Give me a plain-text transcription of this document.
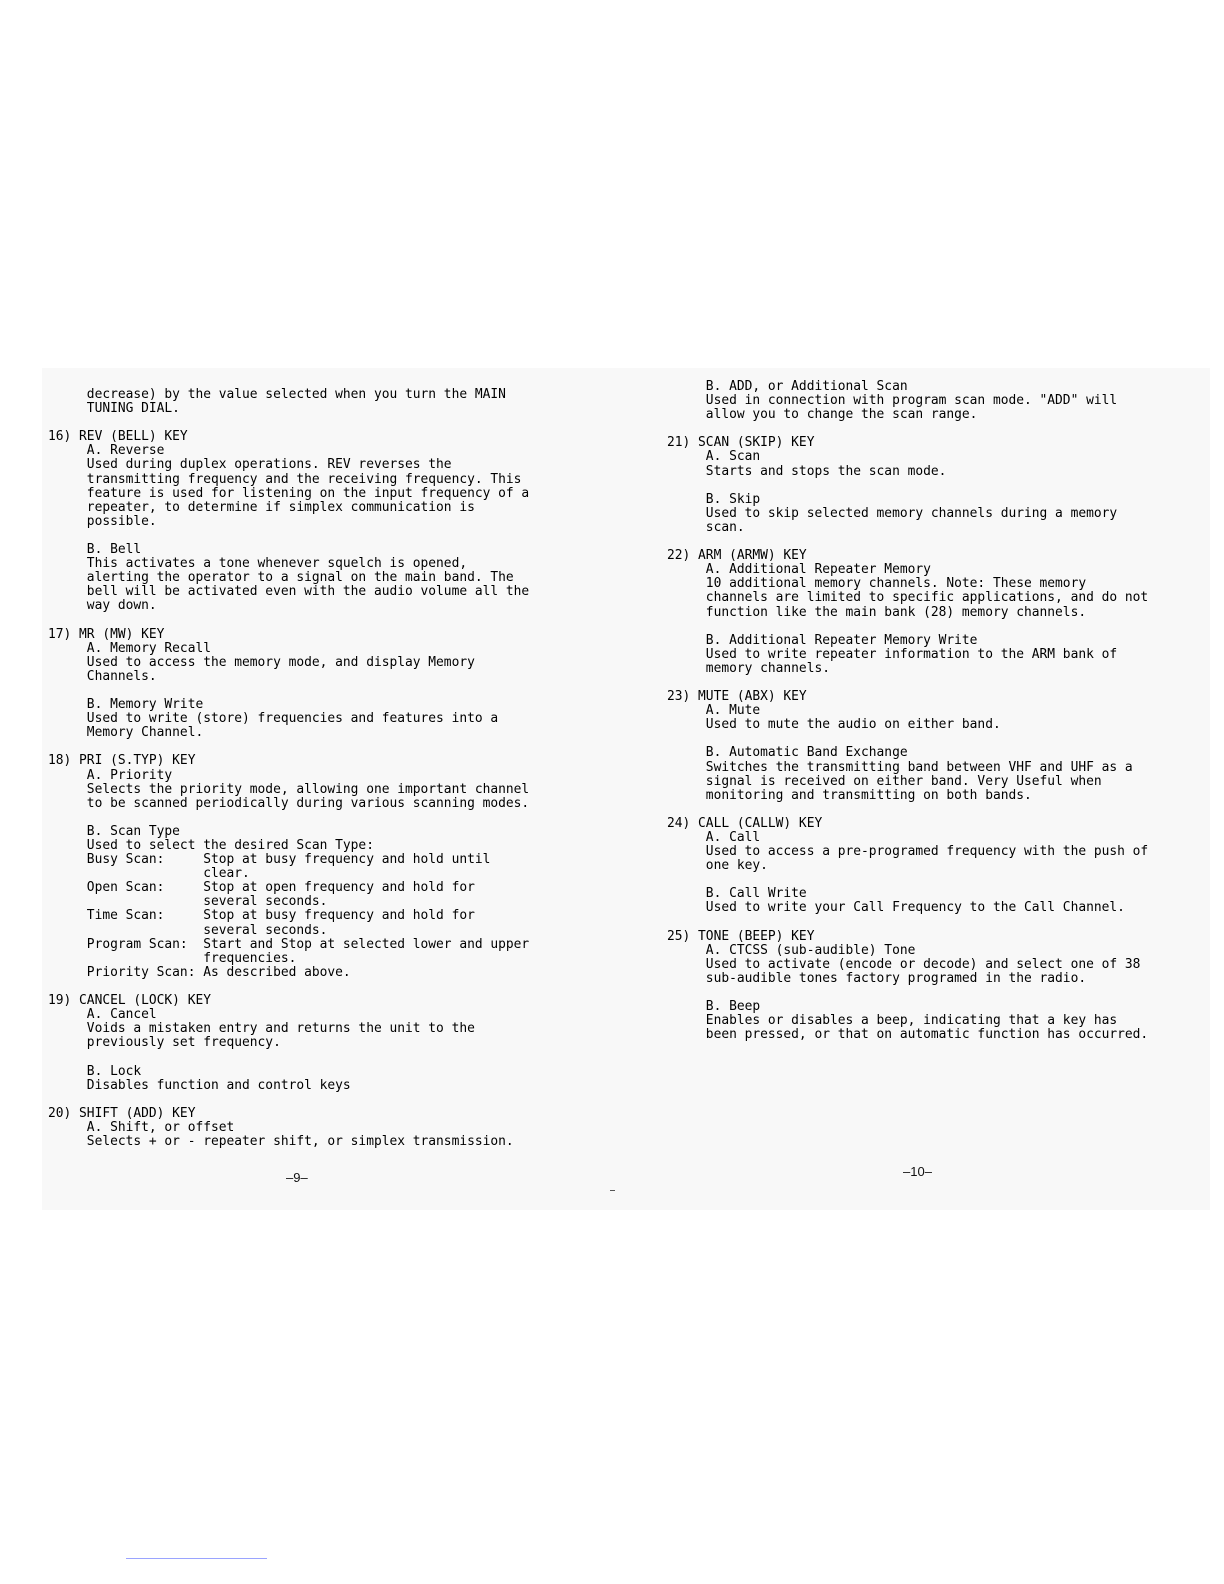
decrease) by the value selected when you turn the MAIN
TUNING DIAL.
16) REV (BELL) KEY
A. Reverse
Used during duplex operations. REV reverses the
transmitting frequency and the receiving frequency. This
feature is used for listening on the input frequency of a
repeater, to determine if simplex communication is
possible.
B. Bell
This activates a tone whenever squelch is opened,
alerting the operator to a signal on the main band. The
bell will be activated even with the audio volume all the
way down.
17) MR (MW) KEY
A. Memory Recall
Used to access the memory mode, and display Memory
Channels.
B. Memory Write
Used to write (store) frequencies and features into a
Memory Channel.
18) PRI (S.TYP) KEY
A. Priority
Selects the priority mode, allowing one important channel
to be scanned periodically during various scanning modes.
B. Scan Type
Used to select the desired Scan Type:
Busy Scan:     Stop at busy frequency and hold until
clear.
Open Scan:     Stop at open frequency and hold for
several seconds.
Time Scan:     Stop at busy frequency and hold for
several seconds.
Program Scan:  Start and Stop at selected lower and upper
frequencies.
Priority Scan: As described above.
19) CANCEL (LOCK) KEY
A. Cancel
Voids a mistaken entry and returns the unit to the
previously set frequency.
B. Lock
Disables function and control keys
20) SHIFT (ADD) KEY
A. Shift, or offset
Selects + or - repeater shift, or simplex transmission.
B. ADD, or Additional Scan
Used in connection with program scan mode. "ADD" will
allow you to change the scan range.
21) SCAN (SKIP) KEY
A. Scan
Starts and stops the scan mode.
B. Skip
Used to skip selected memory channels during a memory
scan.
22) ARM (ARMW) KEY
A. Additional Repeater Memory
10 additional memory channels. Note: These memory
channels are limited to specific applications, and do not
function like the main bank (28) memory channels.
B. Additional Repeater Memory Write
Used to write repeater information to the ARM bank of
memory channels.
23) MUTE (ABX) KEY
A. Mute
Used to mute the audio on either band.
B. Automatic Band Exchange
Switches the transmitting band between VHF and UHF as a
signal is received on either band. Very Useful when
monitoring and transmitting on both bands.
24) CALL (CALLW) KEY
A. Call
Used to access a pre-programed frequency with the push of
one key.
B. Call Write
Used to write your Call Frequency to the Call Channel.
25) TONE (BEEP) KEY
A. CTCSS (sub-audible) Tone
Used to activate (encode or decode) and select one of 38
sub-audible tones factory programed in the radio.
B. Beep
Enables or disables a beep, indicating that a key has
been pressed, or that on automatic function has occurred.
–9–	–10–
